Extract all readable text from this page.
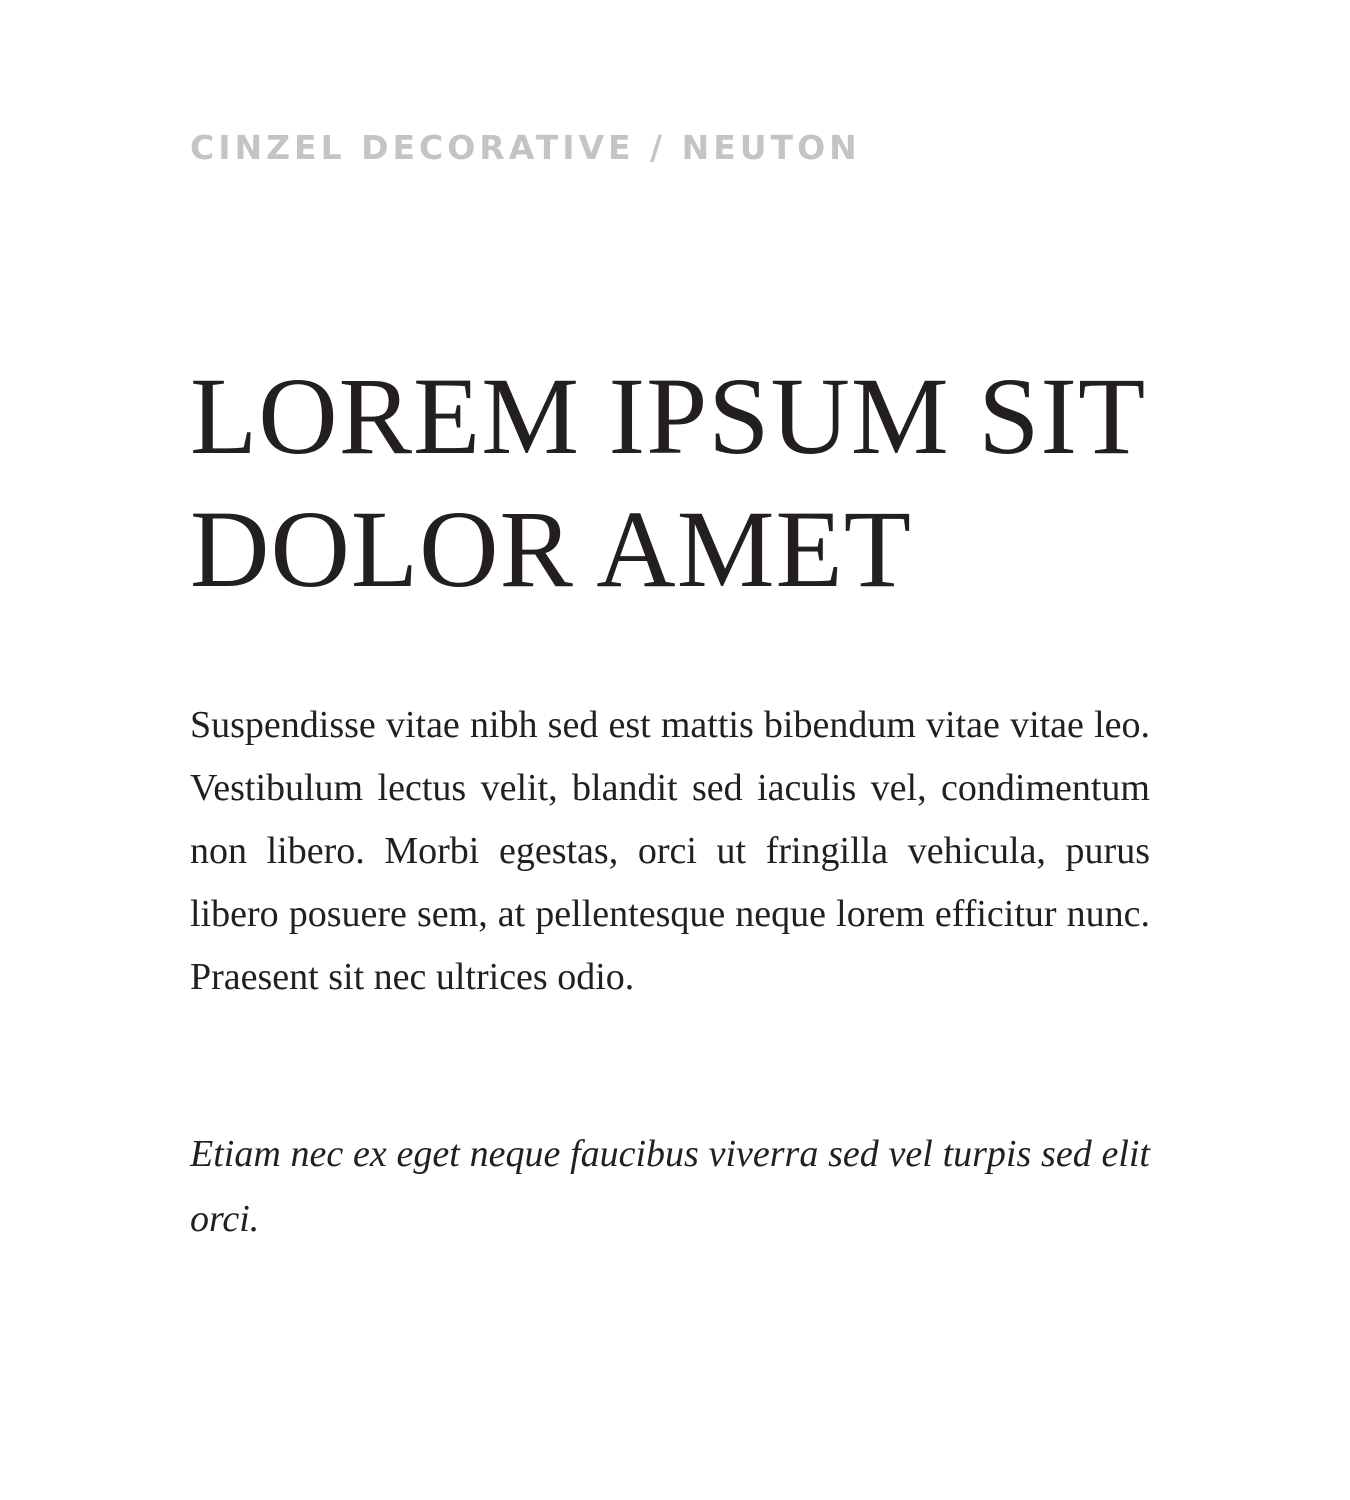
CINZEL DECORATIVE / NEUTON

LOREM IPSUM SIT DOLOR AMET

Suspendisse vitae nibh sed est mattis bibendum vitae vitae leo. Vestibulum lectus velit, blandit sed iaculis vel, condimentum non libero. Morbi egestas, orci ut fringilla vehicula, purus libero posuere sem, at pellentesque neque lorem efficitur nunc. Praesent sit nec ultrices odio.

Etiam nec ex eget neque faucibus viverra sed vel turpis sed elit orci.
